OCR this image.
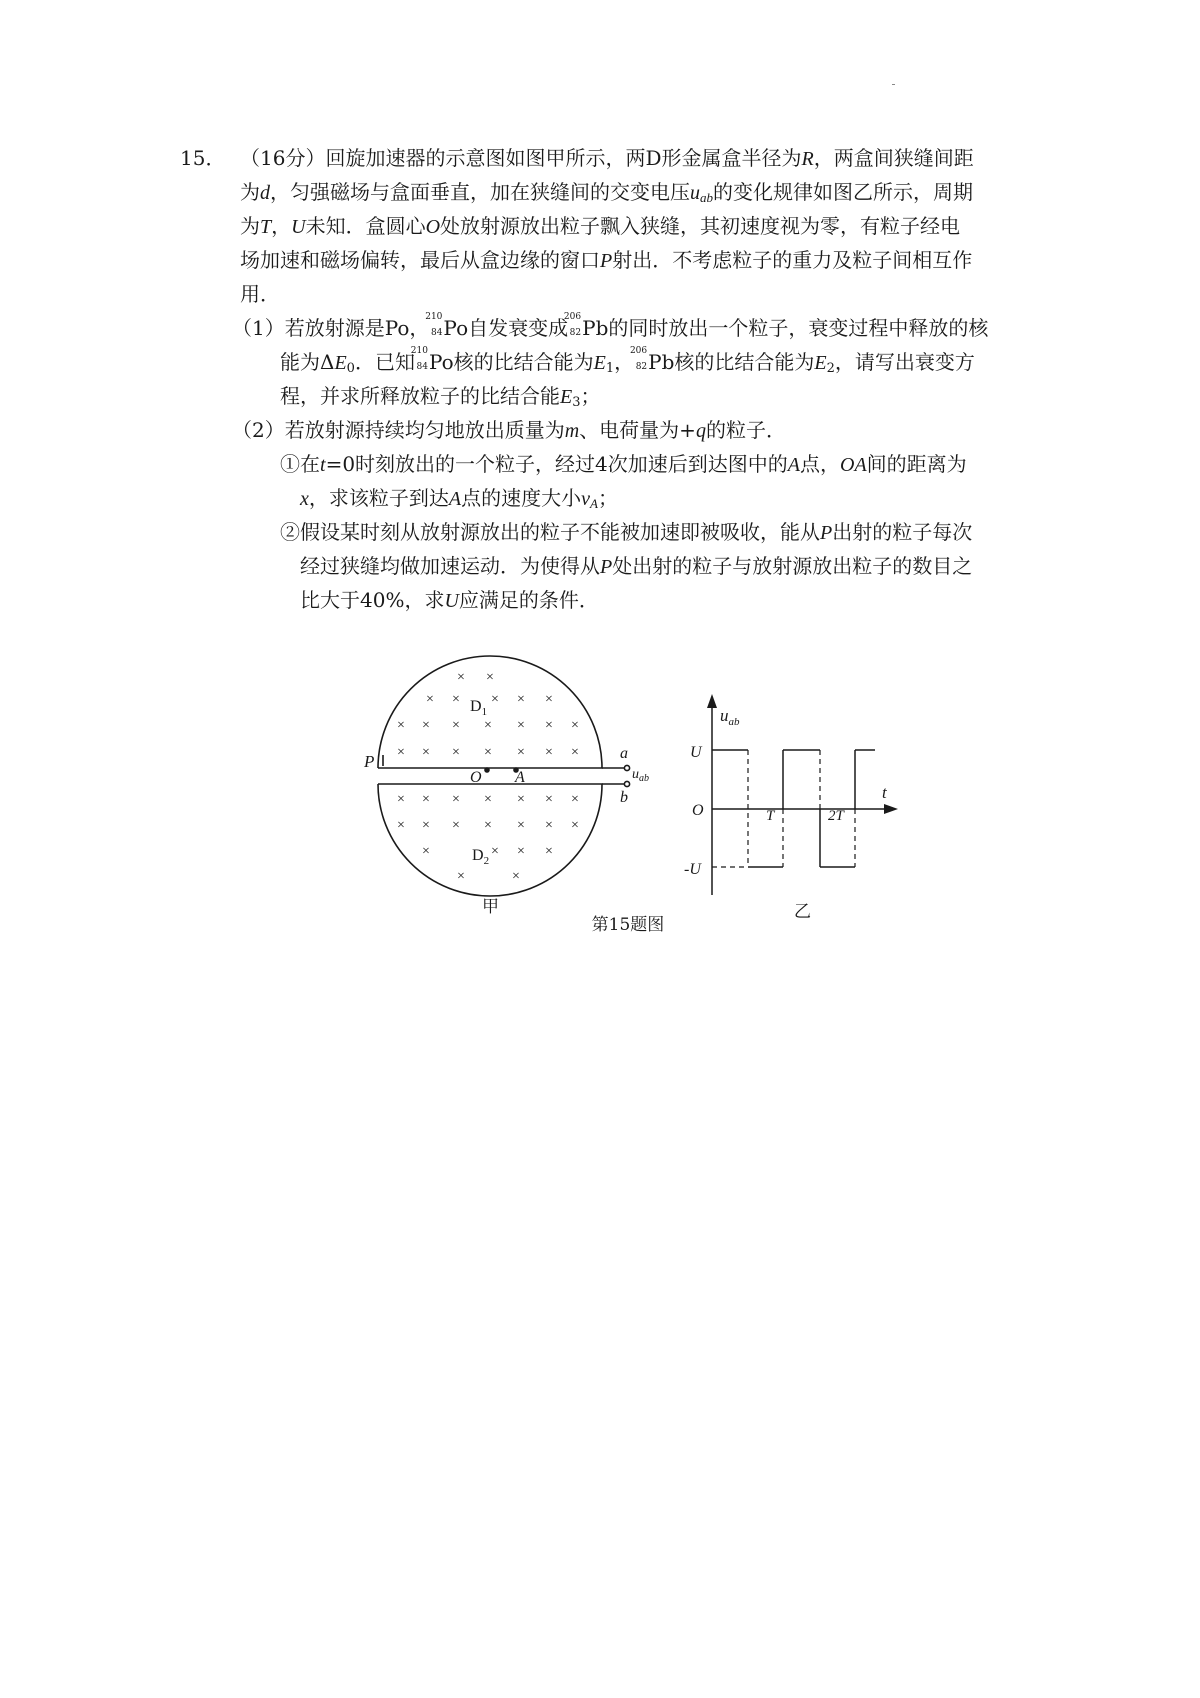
15． （16分）回旋加速器的示意图如图甲所示，两D形金属盒半径为R，两盒间狭缝间距
为d，匀强磁场与盒面垂直，加在狭缝间的交变电压$u_{ab}$的变化规律如图乙所示，周期
为T，U未知．盒圆心O处放射源放出粒子飘入狭缝，其初速度视为零，有粒子经电
场加速和磁场偏转，最后从盒边缘的窗口P射出．不考虑粒子的重力及粒子间相互作
用．
（1）若放射源是Po，
210
84 Po自发衰变成
206
82 Pb的同时放出一个粒子，衰变过程中释放的核
能为$\Delta E_0$．已知
210
84 Po核的比结合能为$E_1$，
206
82 Pb核的比结合能为$E_2$，请写出衰变方
程，并求所释放粒子的比结合能$E_3$；
（2）若放射源持续均匀地放出质量为m、电荷量为+q的粒子．
①在t=0时刻放出的一个粒子，经过4次加速后到达图中的A点，OA间的距离为
x，求该粒子到达A点的速度大小$v_A$；
②假设某时刻从放射源放出的粒子不能被加速即被吸收，能从P出射的粒子每次
经过狭缝均做加速运动．为使得从P处出射的粒子与放射源放出粒子的数目之
比大于40%，求U应满足的条件．
× ×
× × × × ×
× × × × × × ×
× × × × × × ×
× × × × × × ×
× × × × × × ×
×	× × ×
×	×
$D_1$
$D_2$
P
O A
a
b
$u_{ab}$
甲
$u_{ab}$
t
U
-U
O	T	2T
乙
第15题图
